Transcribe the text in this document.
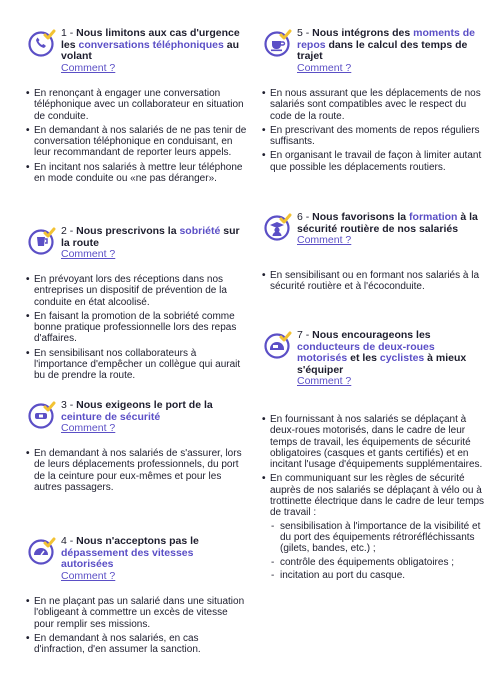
1 - Nous limitons aux cas d'urgence les conversations téléphoniques au volant
Comment ?
• En renonçant à engager une conversation téléphonique avec un collaborateur en situation de conduite.
• En demandant à nos salariés de ne pas tenir de conversation téléphonique en conduisant, en leur recommandant de reporter leurs appels.
• En incitant nos salariés à mettre leur téléphone en mode conduite ou «ne pas déranger».
2 - Nous prescrivons la sobriété sur la route
Comment ?
• En prévoyant lors des réceptions dans nos entreprises un dispositif de prévention de la conduite en état alcoolisé.
• En faisant la promotion de la sobriété comme bonne pratique professionnelle lors des repas d'affaires.
• En sensibilisant nos collaborateurs à l'importance d'empêcher un collègue qui aurait bu de prendre la route.
3 - Nous exigeons le port de la ceinture de sécurité
Comment ?
• En demandant à nos salariés de s'assurer, lors de leurs déplacements professionnels, du port de la ceinture pour eux-mêmes et pour les autres passagers.
4 - Nous n'acceptons pas le dépassement des vitesses autorisées
Comment ?
• En ne plaçant pas un salarié dans une situation l'obligeant à commettre un excès de vitesse pour remplir ses missions.
• En demandant à nos salariés, en cas d'infraction, d'en assumer la sanction.
5 - Nous intégrons des moments de repos dans le calcul des temps de trajet
Comment ?
• En nous assurant que les déplacements de nos salariés sont compatibles avec le respect du code de la route.
• En prescrivant des moments de repos réguliers suffisants.
• En organisant le travail de façon à limiter autant que possible les déplacements routiers.
6 - Nous favorisons la formation à la sécurité routière de nos salariés
Comment ?
• En sensibilisant ou en formant nos salariés à la sécurité routière et à l'écoconduite.
7 - Nous encourageons les conducteurs de deux-roues motorisés et les cyclistes à mieux s'équiper
Comment ?
• En fournissant à nos salariés se déplaçant à deux-roues motorisés, dans le cadre de leur temps de travail, les équipements de sécurité obligatoires (casques et gants certifiés) et en incitant l'usage d'équipements supplémentaires.
• En communiquant sur les règles de sécurité auprès de nos salariés se déplaçant à vélo ou à trottinette électrique dans le cadre de leur temps de travail :
- sensibilisation à l'importance de la visibilité et du port des équipements rétroréfléchissants (gilets, bandes, etc.) ;
- contrôle des équipements obligatoires ;
- incitation au port du casque.
